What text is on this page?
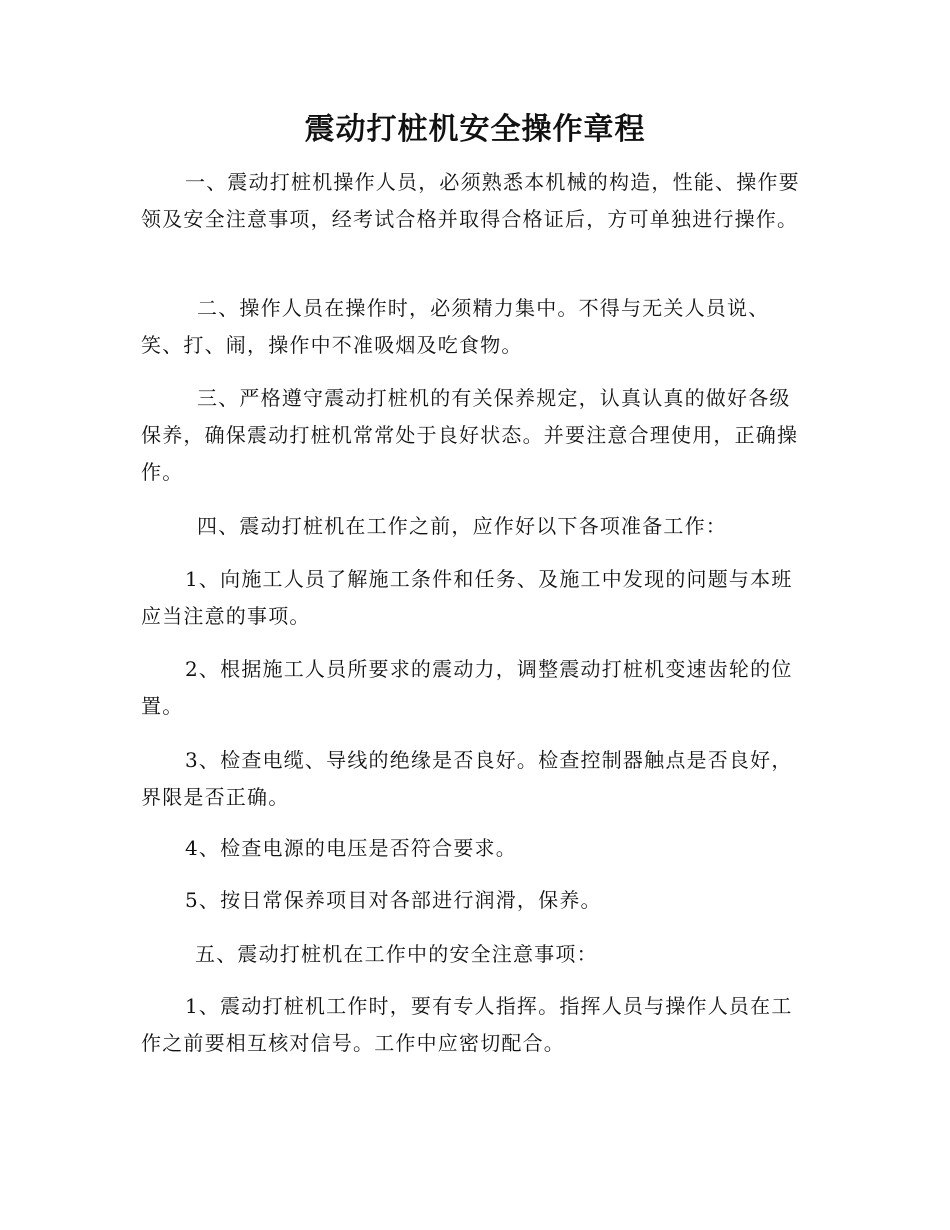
震动打桩机安全操作章程

一、震动打桩机操作人员，必须熟悉本机械的构造，性能、操作要领及安全注意事项，经考试合格并取得合格证后，方可单独进行操作。

二、操作人员在操作时，必须精力集中。不得与无关人员说、笑、打、闹，操作中不准吸烟及吃食物。

三、严格遵守震动打桩机的有关保养规定，认真认真的做好各级保养，确保震动打桩机常常处于良好状态。并要注意合理使用，正确操作。

四、震动打桩机在工作之前，应作好以下各项准备工作：

1、向施工人员了解施工条件和任务、及施工中发现的问题与本班应当注意的事项。

2、根据施工人员所要求的震动力，调整震动打桩机变速齿轮的位置。

3、检查电缆、导线的绝缘是否良好。检查控制器触点是否良好，界限是否正确。

4、检查电源的电压是否符合要求。

5、按日常保养项目对各部进行润滑，保养。

五、震动打桩机在工作中的安全注意事项：

1、震动打桩机工作时，要有专人指挥。指挥人员与操作人员在工作之前要相互核对信号。工作中应密切配合。
